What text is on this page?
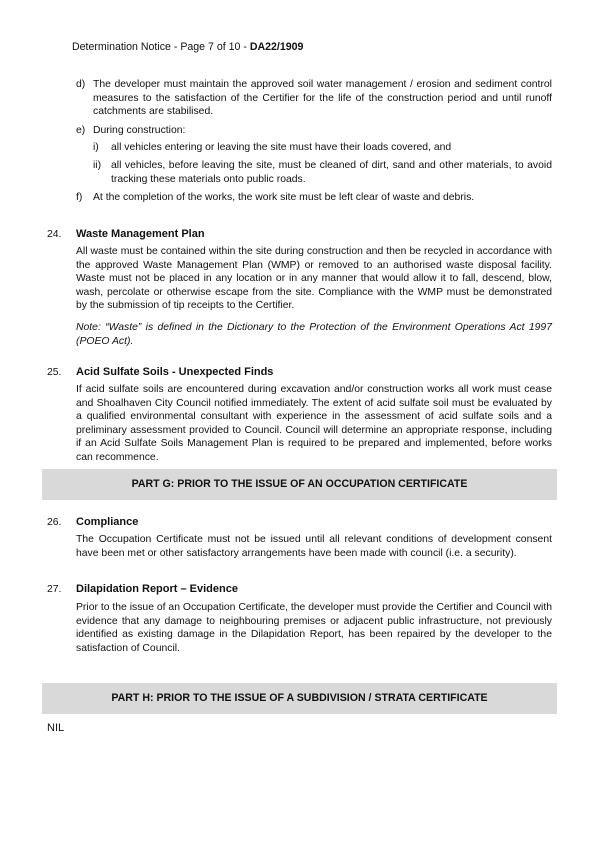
Determination Notice - Page 7 of 10 - DA22/1909
d) The developer must maintain the approved soil water management / erosion and sediment control measures to the satisfaction of the Certifier for the life of the construction period and until runoff catchments are stabilised.
e) During construction:
i) all vehicles entering or leaving the site must have their loads covered, and
ii) all vehicles, before leaving the site, must be cleaned of dirt, sand and other materials, to avoid tracking these materials onto public roads.
f) At the completion of the works, the work site must be left clear of waste and debris.
24. Waste Management Plan
All waste must be contained within the site during construction and then be recycled in accordance with the approved Waste Management Plan (WMP) or removed to an authorised waste disposal facility. Waste must not be placed in any location or in any manner that would allow it to fall, descend, blow, wash, percolate or otherwise escape from the site. Compliance with the WMP must be demonstrated by the submission of tip receipts to the Certifier.
Note: “Waste” is defined in the Dictionary to the Protection of the Environment Operations Act 1997 (POEO Act).
25. Acid Sulfate Soils - Unexpected Finds
If acid sulfate soils are encountered during excavation and/or construction works all work must cease and Shoalhaven City Council notified immediately. The extent of acid sulfate soil must be evaluated by a qualified environmental consultant with experience in the assessment of acid sulfate soils and a preliminary assessment provided to Council. Council will determine an appropriate response, including if an Acid Sulfate Soils Management Plan is required to be prepared and implemented, before works can recommence.
PART G: PRIOR TO THE ISSUE OF AN OCCUPATION CERTIFICATE
26. Compliance
The Occupation Certificate must not be issued until all relevant conditions of development consent have been met or other satisfactory arrangements have been made with council (i.e. a security).
27. Dilapidation Report – Evidence
Prior to the issue of an Occupation Certificate, the developer must provide the Certifier and Council with evidence that any damage to neighbouring premises or adjacent public infrastructure, not previously identified as existing damage in the Dilapidation Report, has been repaired by the developer to the satisfaction of Council.
PART H: PRIOR TO THE ISSUE OF A SUBDIVISION / STRATA CERTIFICATE
NIL
